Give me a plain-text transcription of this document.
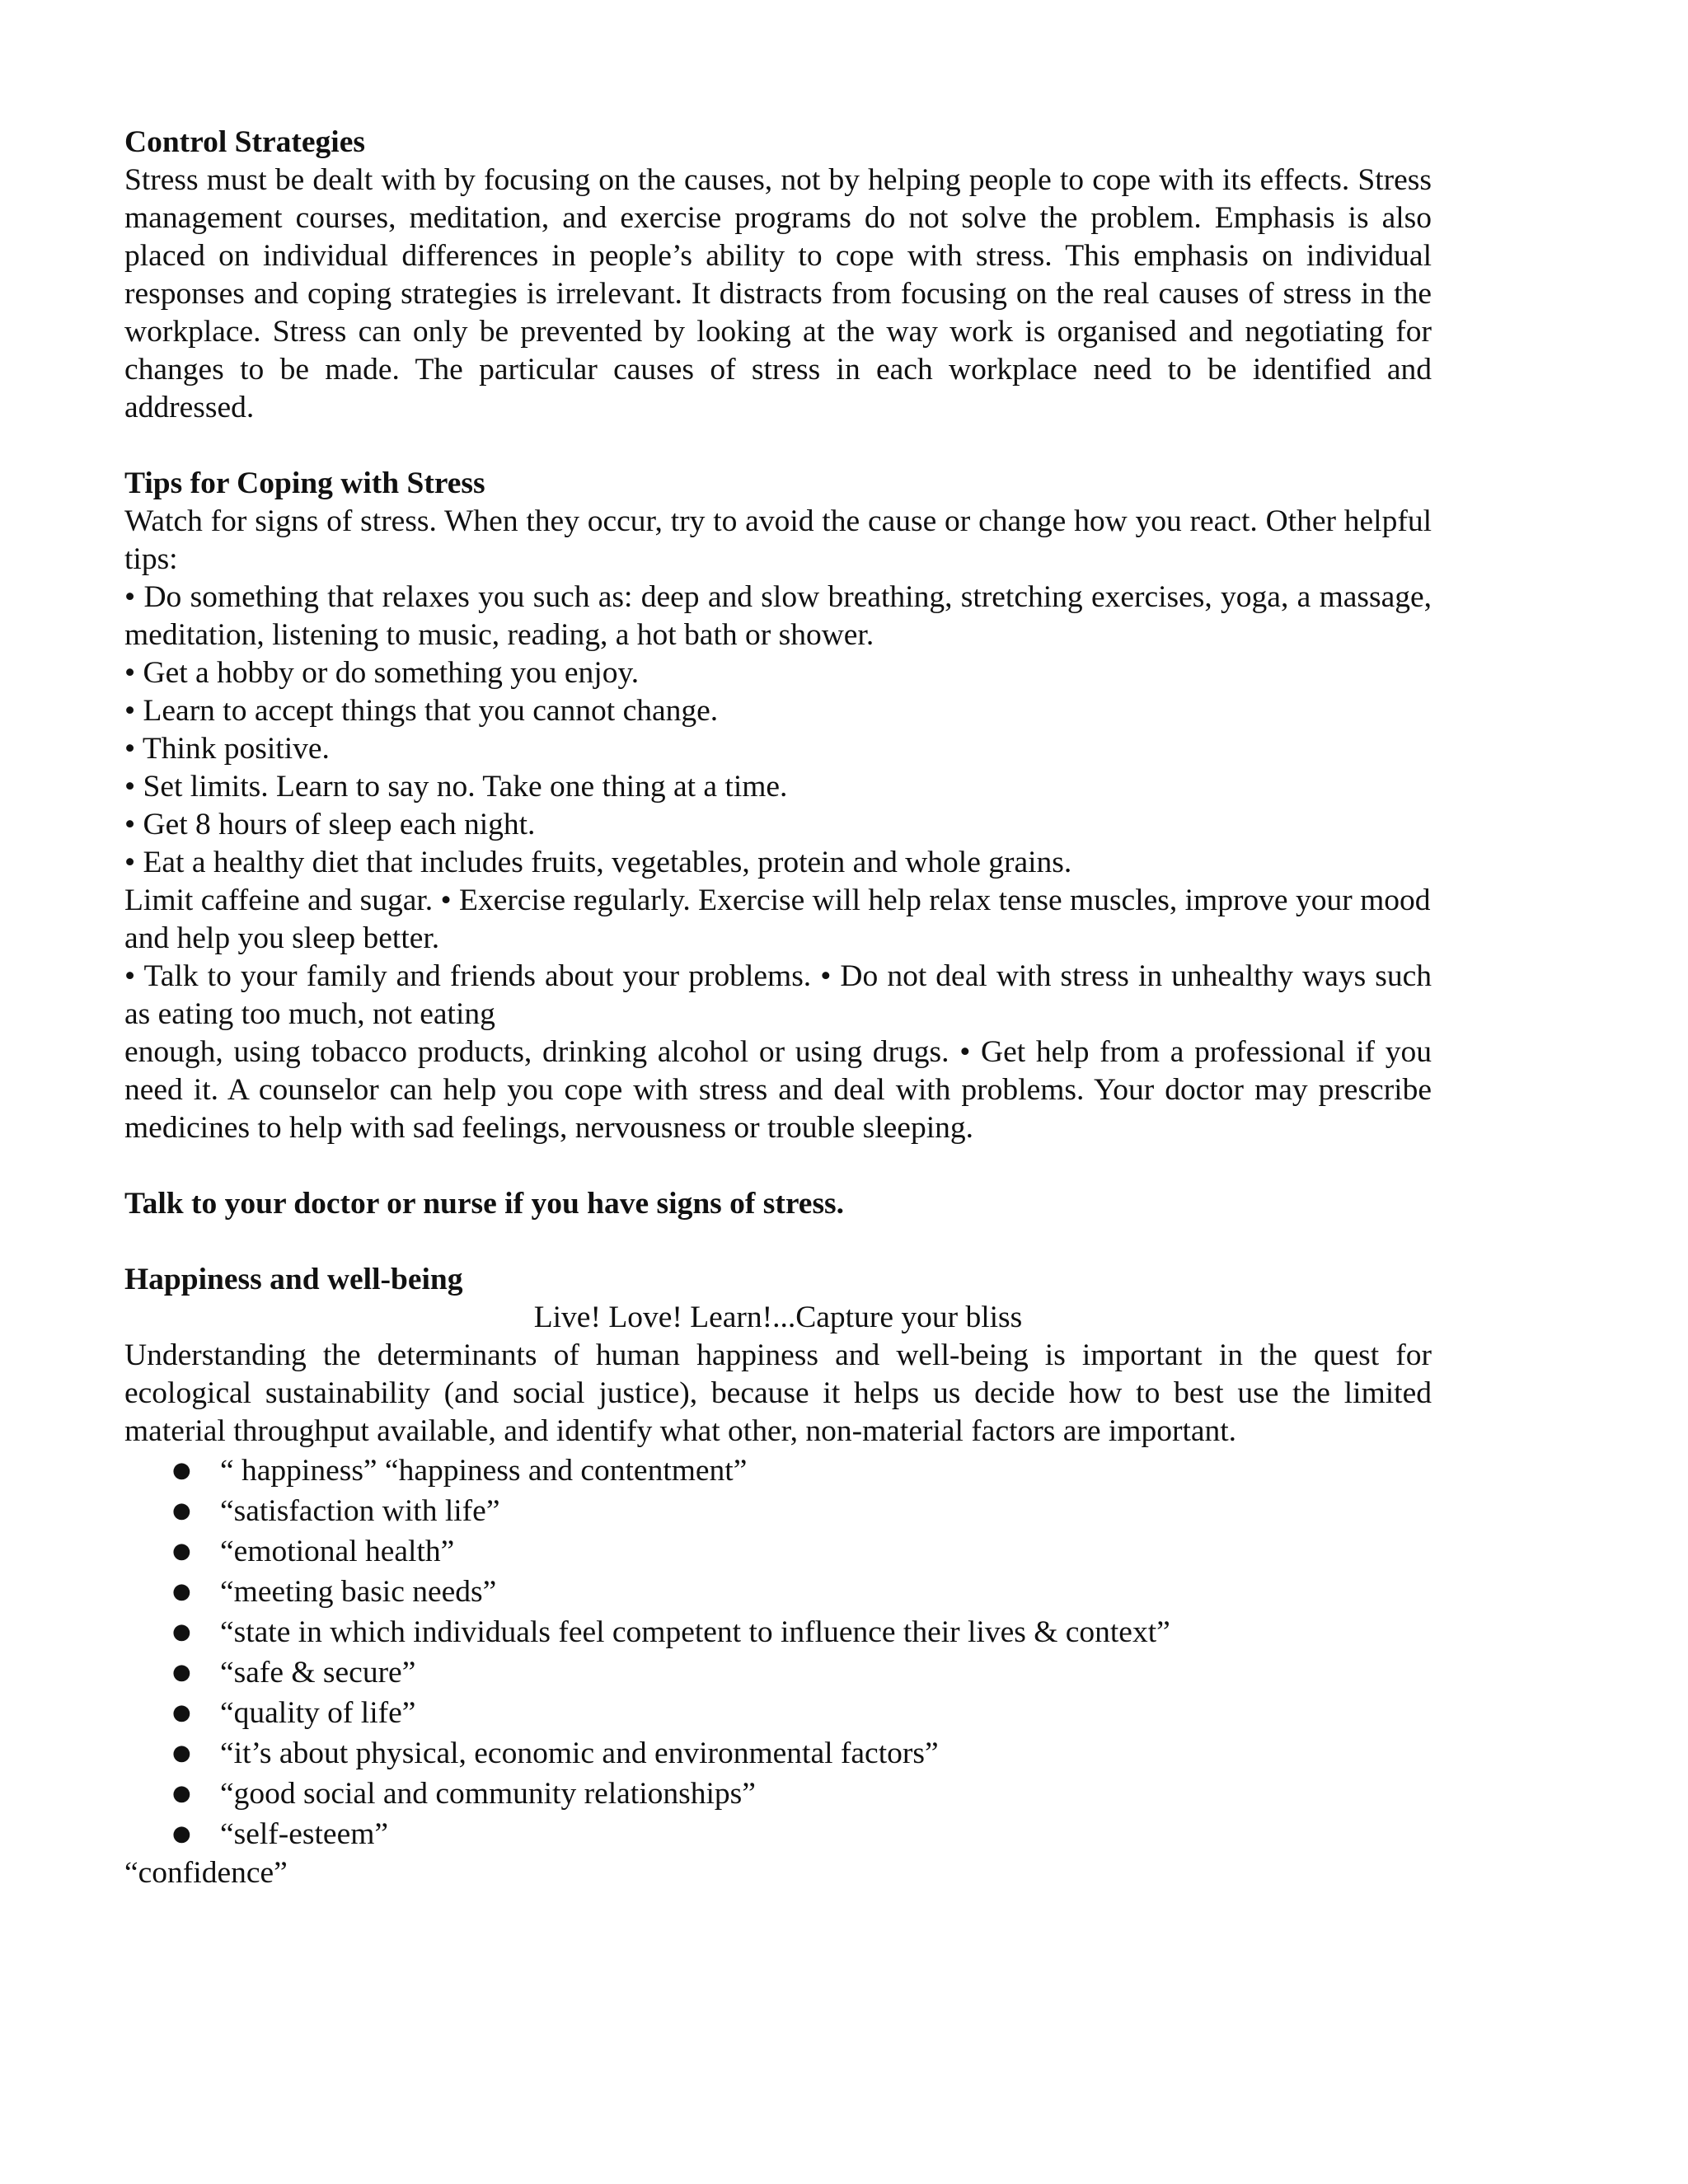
Control Strategies

Stress must be dealt with by focusing on the causes, not by helping people to cope with its effects. Stress management courses, meditation, and exercise programs do not solve the problem. Emphasis is also placed on individual differences in people’s ability to cope with stress. This emphasis on individual responses and coping strategies is irrelevant. It distracts from focusing on the real causes of stress in the workplace. Stress can only be prevented by looking at the way work is organised and negotiating for changes to be made. The particular causes of stress in each workplace need to be identified and addressed.

Tips for Coping with Stress

Watch for signs of stress. When they occur, try to avoid the cause or change how you react. Other helpful tips:

• Do something that relaxes you such as: deep and slow breathing, stretching exercises, yoga, a massage, meditation, listening to music, reading, a hot bath or shower.

• Get a hobby or do something you enjoy.

• Learn to accept things that you cannot change.

• Think positive.

• Set limits. Learn to say no. Take one thing at a time.

• Get 8 hours of sleep each night.

• Eat a healthy diet that includes fruits, vegetables, protein and whole grains.

Limit caffeine and sugar. • Exercise regularly. Exercise will help relax tense muscles, improve your mood

and help you sleep better.

• Talk to your family and friends about your problems. • Do not deal with stress in unhealthy ways such as eating too much, not eating

enough, using tobacco products, drinking alcohol or using drugs. • Get help from a professional if you need it. A counselor can help you cope with stress and deal with problems. Your doctor may prescribe medicines to help with sad feelings, nervousness or trouble sleeping.

Talk to your doctor or nurse if you have signs of stress.

Happiness and well-being

Live! Love! Learn!...Capture your bliss

Understanding the determinants of human happiness and well-being is important in the quest for ecological sustainability (and social justice), because it helps us decide how to best use the limited material throughput available, and identify what other, non-material factors are important.

● “ happiness” “happiness and contentment”
● “satisfaction with life”
● “emotional health”
● “meeting basic needs”
● “state in which individuals feel competent to influence their lives & context”
● “safe & secure”
● “quality of life”
● “it’s about physical, economic and environmental factors”
● “good social and community relationships”
● “self-esteem”

“confidence”
